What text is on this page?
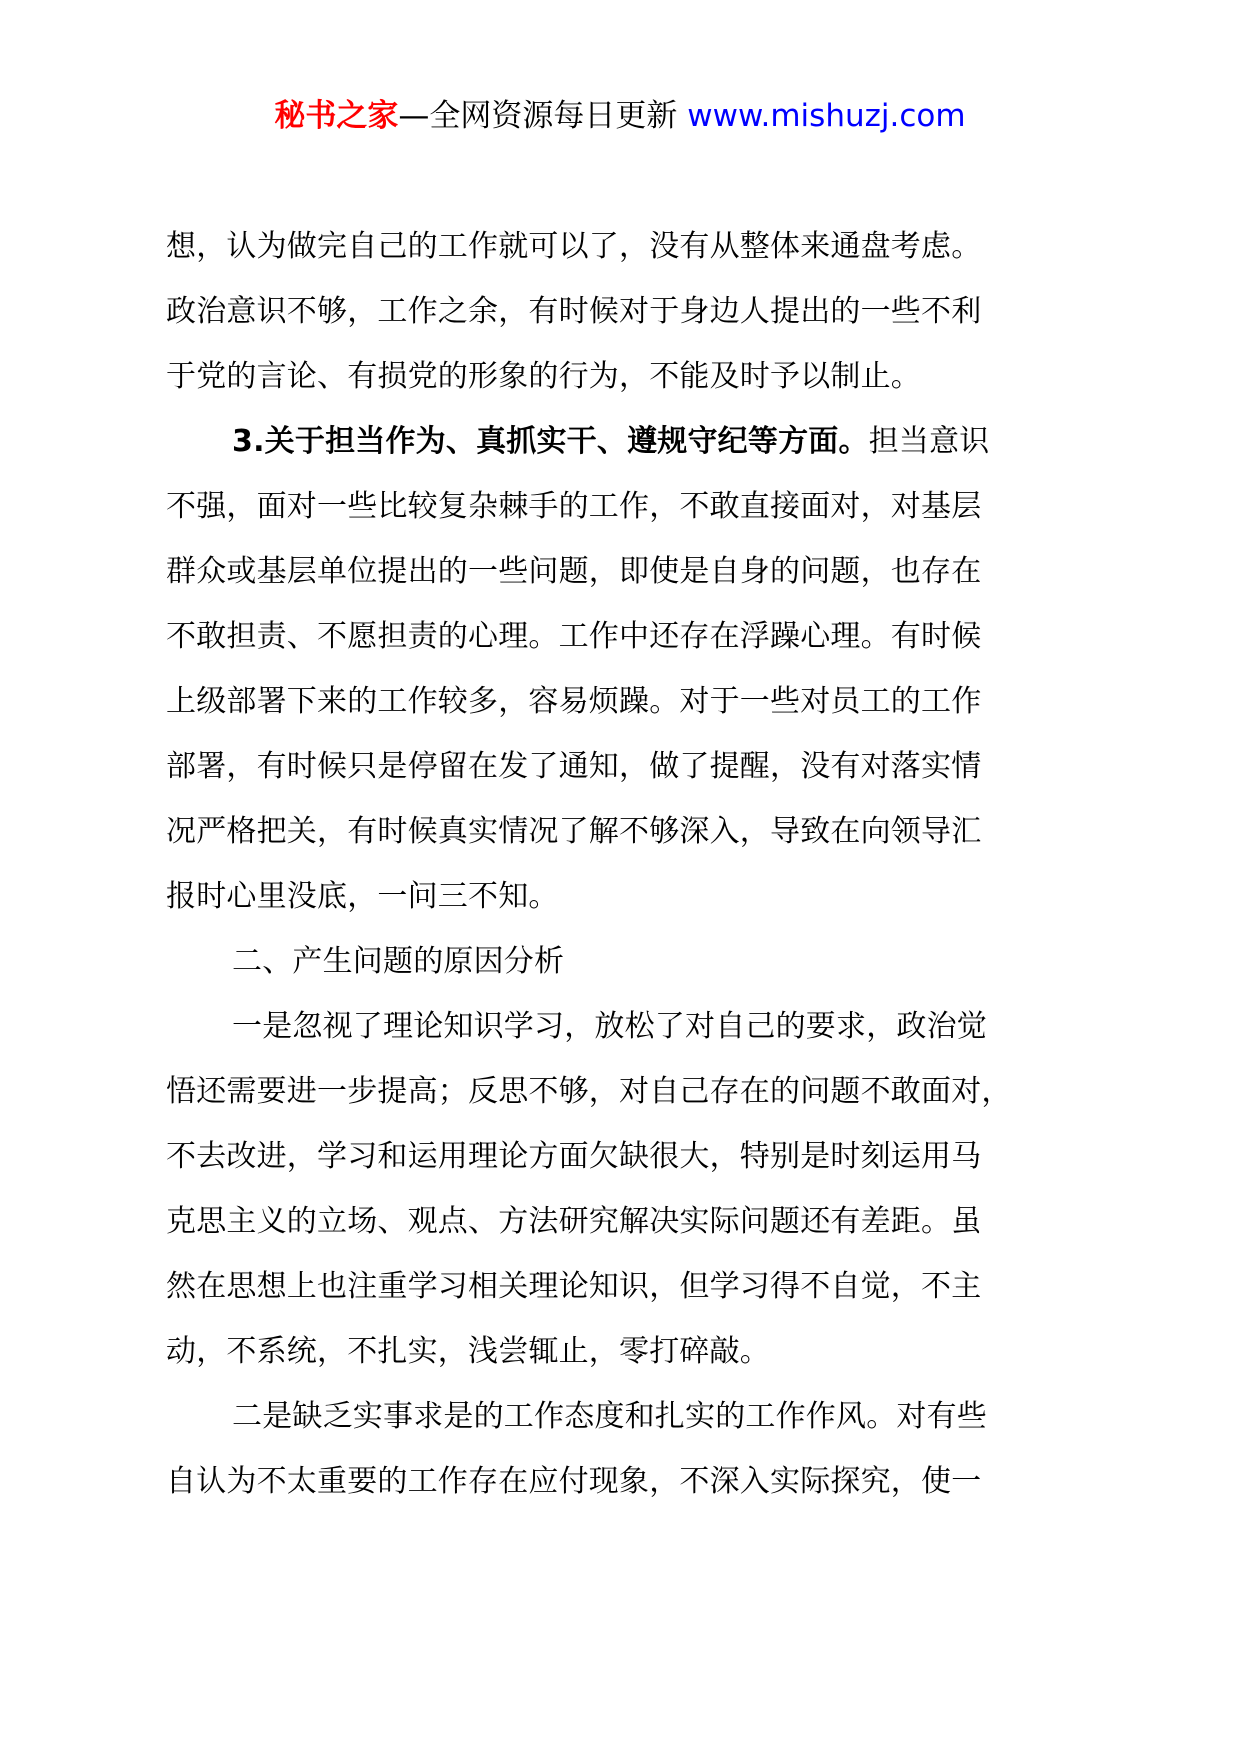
秘书之家—全网资源每日更新 www.mishuzj.com
想，认为做完自己的工作就可以了，没有从整体来通盘考虑。
政治意识不够，工作之余，有时候对于身边人提出的一些不利
于党的言论、有损党的形象的行为，不能及时予以制止。
3.关于担当作为、真抓实干、遵规守纪等方面。担当意识
不强，面对一些比较复杂棘手的工作，不敢直接面对，对基层
群众或基层单位提出的一些问题，即使是自身的问题，也存在
不敢担责、不愿担责的心理。工作中还存在浮躁心理。有时候
上级部署下来的工作较多，容易烦躁。对于一些对员工的工作
部署，有时候只是停留在发了通知，做了提醒，没有对落实情
况严格把关，有时候真实情况了解不够深入，导致在向领导汇
报时心里没底，一问三不知。
二、产生问题的原因分析
一是忽视了理论知识学习，放松了对自己的要求，政治觉
悟还需要进一步提高；反思不够，对自己存在的问题不敢面对，
不去改进，学习和运用理论方面欠缺很大，特别是时刻运用马
克思主义的立场、观点、方法研究解决实际问题还有差距。虽
然在思想上也注重学习相关理论知识，但学习得不自觉，不主
动，不系统，不扎实，浅尝辄止，零打碎敲。
二是缺乏实事求是的工作态度和扎实的工作作风。对有些
自认为不太重要的工作存在应付现象，不深入实际探究，使一
